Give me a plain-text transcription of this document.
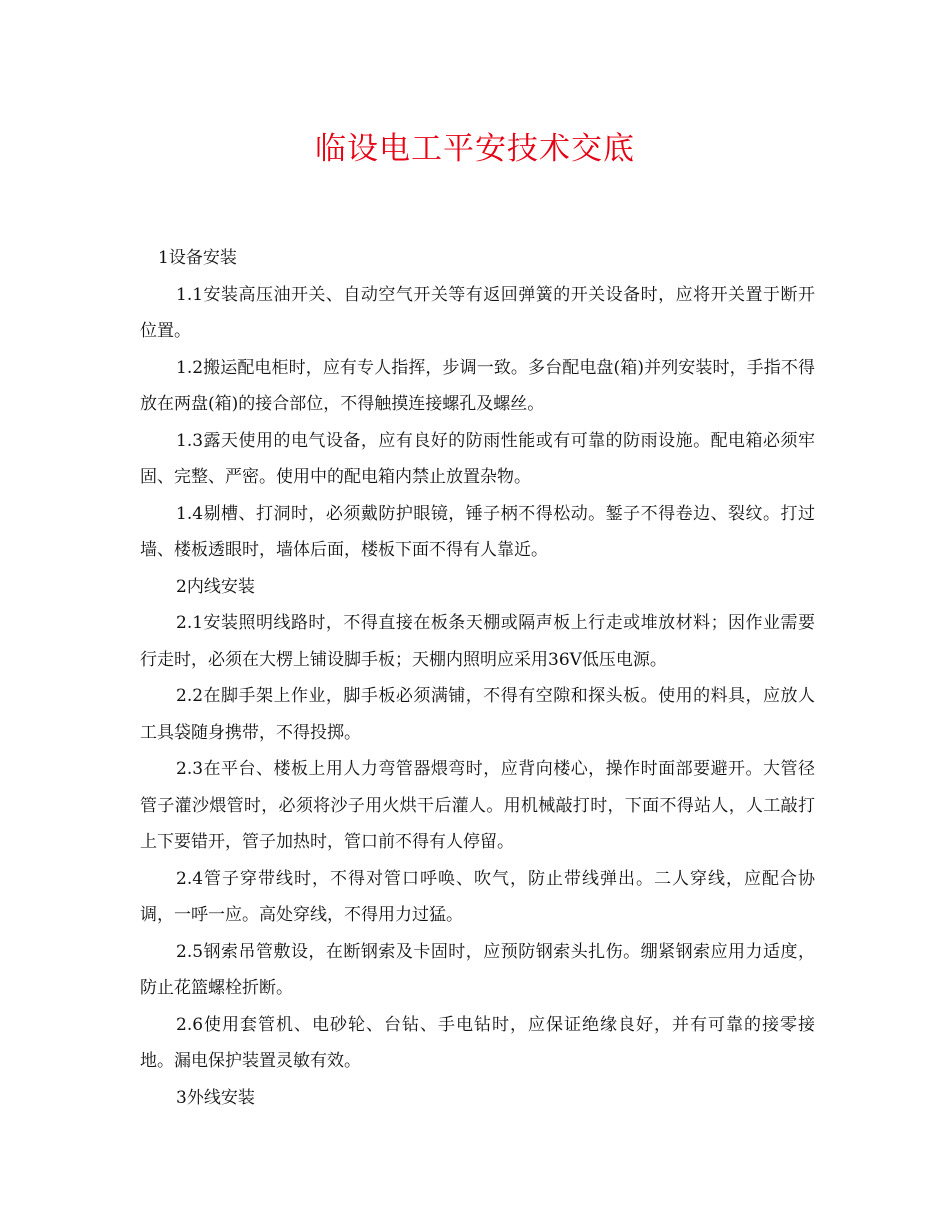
临设电工平安技术交底

1设备安装

1.1安装高压油开关、自动空气开关等有返回弹簧的开关设备时，应将开关置于断开位置。

1.2搬运配电柜时，应有专人指挥，步调一致。多台配电盘(箱)并列安装时，手指不得放在两盘(箱)的接合部位，不得触摸连接螺孔及螺丝。

1.3露天使用的电气设备，应有良好的防雨性能或有可靠的防雨设施。配电箱必须牢固、完整、严密。使用中的配电箱内禁止放置杂物。

1.4剔槽、打洞时，必须戴防护眼镜，锤子柄不得松动。錾子不得卷边、裂纹。打过墙、楼板透眼时，墙体后面，楼板下面不得有人靠近。

2内线安装

2.1安装照明线路时，不得直接在板条天棚或隔声板上行走或堆放材料；因作业需要行走时，必须在大楞上铺设脚手板；天棚内照明应采用36V低压电源。

2.2在脚手架上作业，脚手板必须满铺，不得有空隙和探头板。使用的料具，应放人工具袋随身携带，不得投掷。

2.3在平台、楼板上用人力弯管器煨弯时，应背向楼心，操作时面部要避开。大管径管子灌沙煨管时，必须将沙子用火烘干后灌人。用机械敲打时，下面不得站人，人工敲打上下要错开，管子加热时，管口前不得有人停留。

2.4管子穿带线时，不得对管口呼唤、吹气，防止带线弹出。二人穿线，应配合协调，一呼一应。高处穿线，不得用力过猛。

2.5钢索吊管敷设，在断钢索及卡固时，应预防钢索头扎伤。绷紧钢索应用力适度，防止花篮螺栓折断。

2.6使用套管机、电砂轮、台钻、手电钻时，应保证绝缘良好，并有可靠的接零接地。漏电保护装置灵敏有效。

3外线安装
